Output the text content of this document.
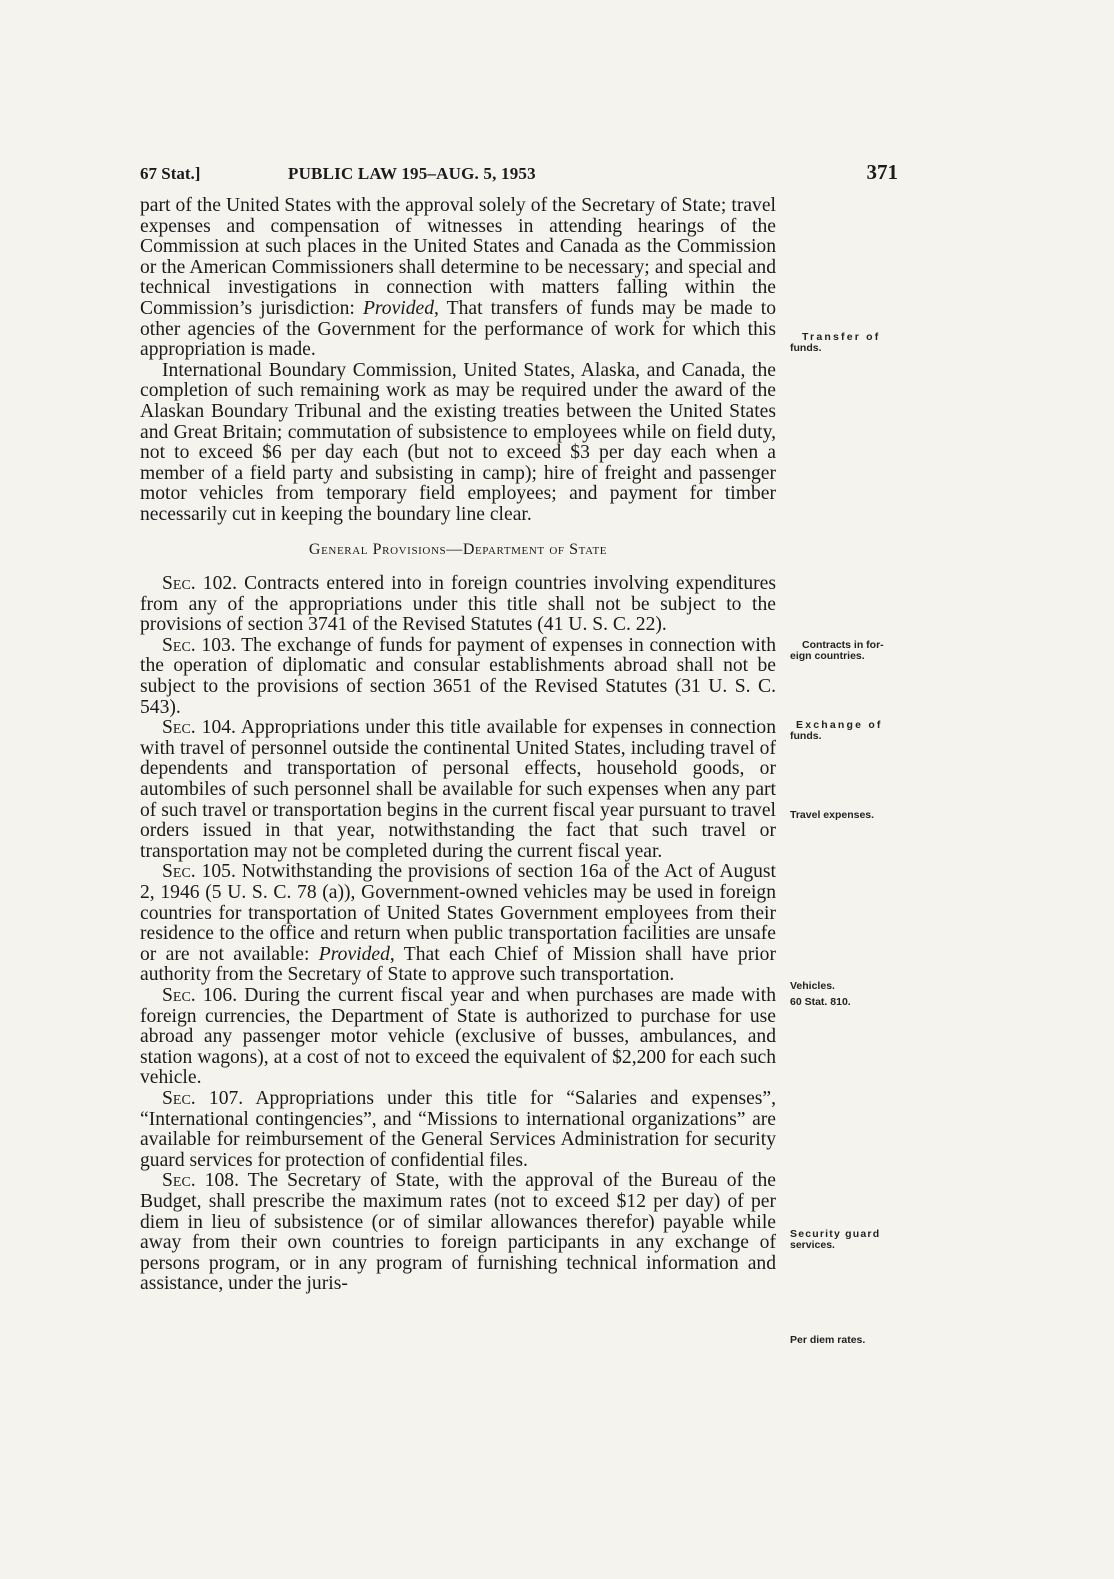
67 Stat.]	PUBLIC LAW 195–AUG. 5, 1953	371

part of the United States with the approval solely of the Secretary of State; travel expenses and compensation of witnesses in attending hearings of the Commission at such places in the United States and Canada as the Commission or the American Commissioners shall determine to be necessary; and special and technical investigations in connection with matters falling within the Commission’s jurisdiction: Provided, That transfers of funds may be made to other agencies of the Government for the performance of work for which this appropriation is made.

International Boundary Commission, United States, Alaska, and Canada, the completion of such remaining work as may be required under the award of the Alaskan Boundary Tribunal and the existing treaties between the United States and Great Britain; commutation of subsistence to employees while on field duty, not to exceed $6 per day each (but not to exceed $3 per day each when a member of a field party and subsisting in camp); hire of freight and passenger motor vehicles from temporary field employees; and payment for timber necessarily cut in keeping the boundary line clear.

General Provisions—Department of State

Sec. 102. Contracts entered into in foreign countries involving expenditures from any of the appropriations under this title shall not be subject to the provisions of section 3741 of the Revised Statutes (41 U. S. C. 22).

Sec. 103. The exchange of funds for payment of expenses in connection with the operation of diplomatic and consular establishments abroad shall not be subject to the provisions of section 3651 of the Revised Statutes (31 U. S. C. 543).

Sec. 104. Appropriations under this title available for expenses in connection with travel of personnel outside the continental United States, including travel of dependents and transportation of personal effects, household goods, or autombiles of such personnel shall be available for such expenses when any part of such travel or transportation begins in the current fiscal year pursuant to travel orders issued in that year, notwithstanding the fact that such travel or transportation may not be completed during the current fiscal year.

Sec. 105. Notwithstanding the provisions of section 16a of the Act of August 2, 1946 (5 U. S. C. 78 (a)), Government-owned vehicles may be used in foreign countries for transportation of United States Government employees from their residence to the office and return when public transportation facilities are unsafe or are not available: Provided, That each Chief of Mission shall have prior authority from the Secretary of State to approve such transportation.

Sec. 106. During the current fiscal year and when purchases are made with foreign currencies, the Department of State is authorized to purchase for use abroad any passenger motor vehicle (exclusive of busses, ambulances, and station wagons), at a cost of not to exceed the equivalent of $2,200 for each such vehicle.

Sec. 107. Appropriations under this title for “Salaries and expenses”, “International contingencies”, and “Missions to international organizations” are available for reimbursement of the General Services Administration for security guard services for protection of confidential files.

Sec. 108. The Secretary of State, with the approval of the Bureau of the Budget, shall prescribe the maximum rates (not to exceed $12 per day) of per diem in lieu of subsistence (or of similar allowances therefor) payable while away from their own countries to foreign participants in any exchange of persons program, or in any program of furnishing technical information and assistance, under the juris-

Transfer of
funds.
Contracts in for-
eign countries.
Exchange of
funds.
Travel expenses.
Vehicles.
60 Stat. 810.
Security guard
services.
Per diem rates.
